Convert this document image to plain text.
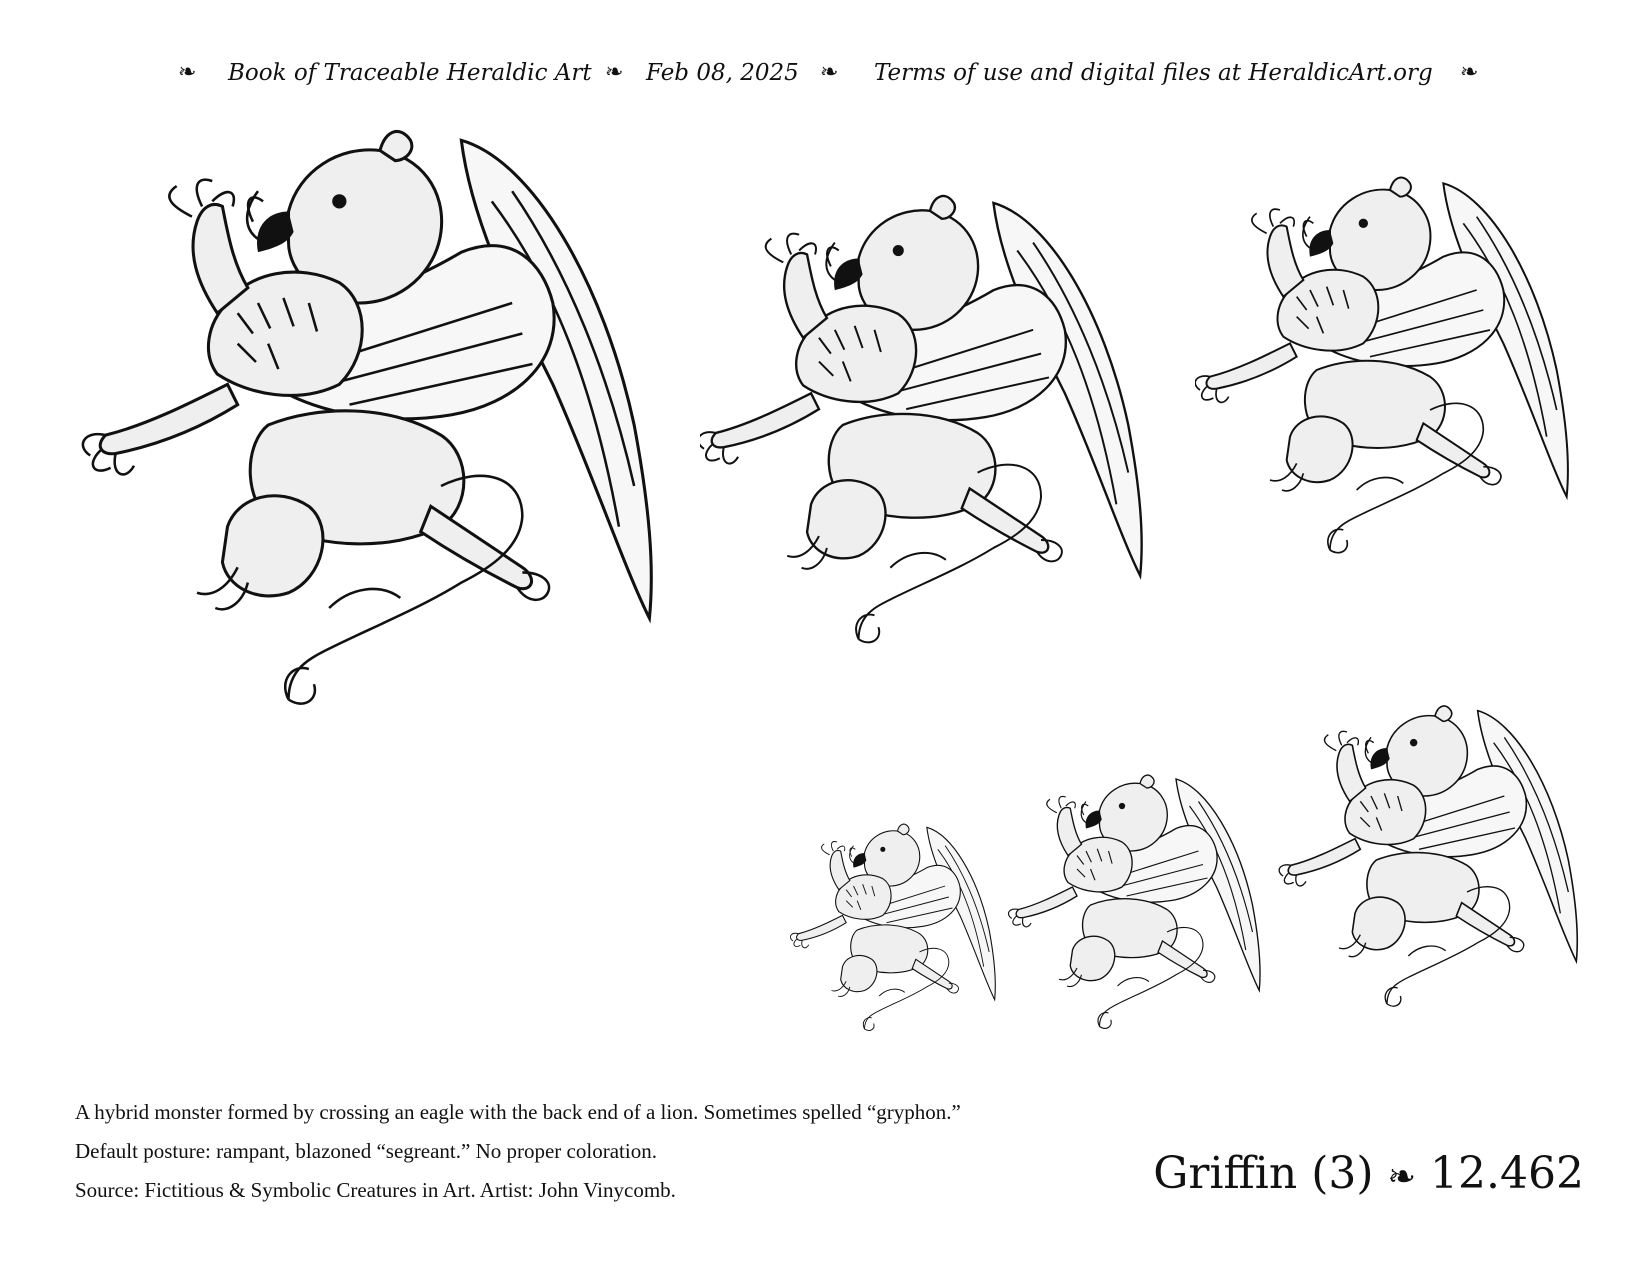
❧ Book of Traceable Heraldic Art ❧ Feb 08, 2025 ❧ Terms of use and digital files at HeraldicArt.org ❧
A hybrid monster formed by crossing an eagle with the back end of a lion. Sometimes spelled “gryphon.”
Default posture: rampant, blazoned “segreant.” No proper coloration.
Source: Fictitious & Symbolic Creatures in Art. Artist: John Vinycomb.	Griffin (3) ❧ 12.462
